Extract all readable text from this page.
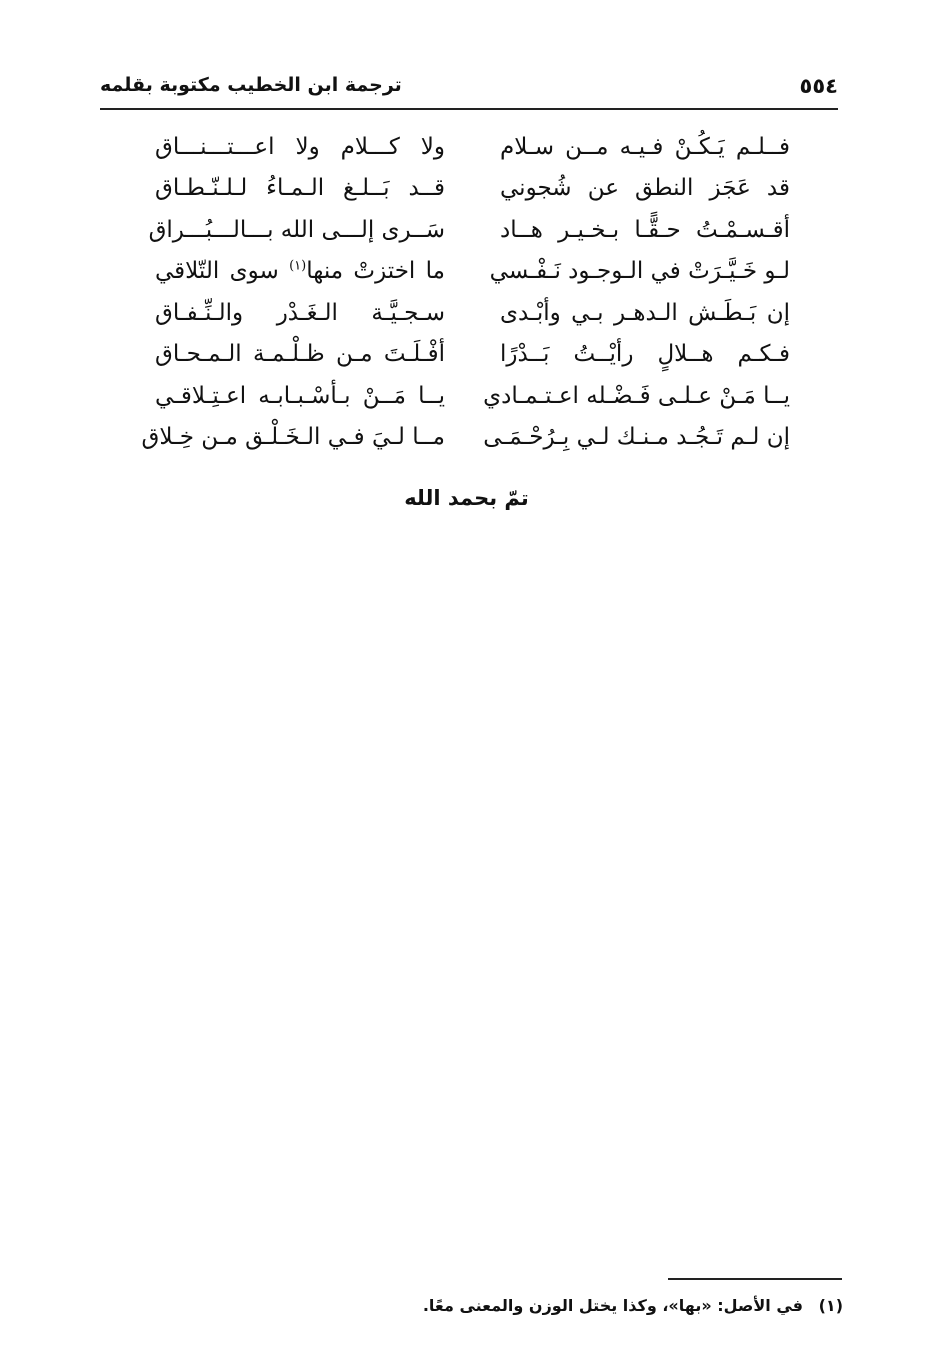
٥٥٤
ترجمة ابن الخطيب مكتوبة بقلمه
فــلـم يَـكُـنْ فـيـه مــن سـلام
ولا كـــلام ولا اعـــتـــنـــاق
قد عَجَز النطق عن شُجوني
قــد بَــلـغ الـمـاءُ لـلـنّـطـاق
أقـسـمْـتُ حـقًّـا بـخـيـر هــاد
سَــرى إلـــى الله بـــالـــبُـــراق
لـو خَـيَّـرَتْ في الـوجـود نَـفْـسي
ما اختزتْ منها$^{(١)}$ سوى التّلاقي
إن بَـطَـش الـدهـر بـي وأبْـدى
سـجـيَّـة الـغَـدْر والـنِّـفـاق
فـكـم هــلالٍ رأيْــتُ بَــدْرًا
أفْـلَـتَ مـن ظـلْـمـة الـمـحـاق
يــا مَـنْ عـلـى فَـضْـله اعـتـمـادي
يــا مَــنْ بـأسْـبـابـه اعـتِـلاقـي
إن لـم تَـجُـد مـنـك لـي بِـرُحْـمَـى
مــا لـيَ فـي الـخَـلْـق مـن خِـلاق
تمّ بحمد الله
(١) في الأصل: «بها»، وكذا يختل الوزن والمعنى معًا.
